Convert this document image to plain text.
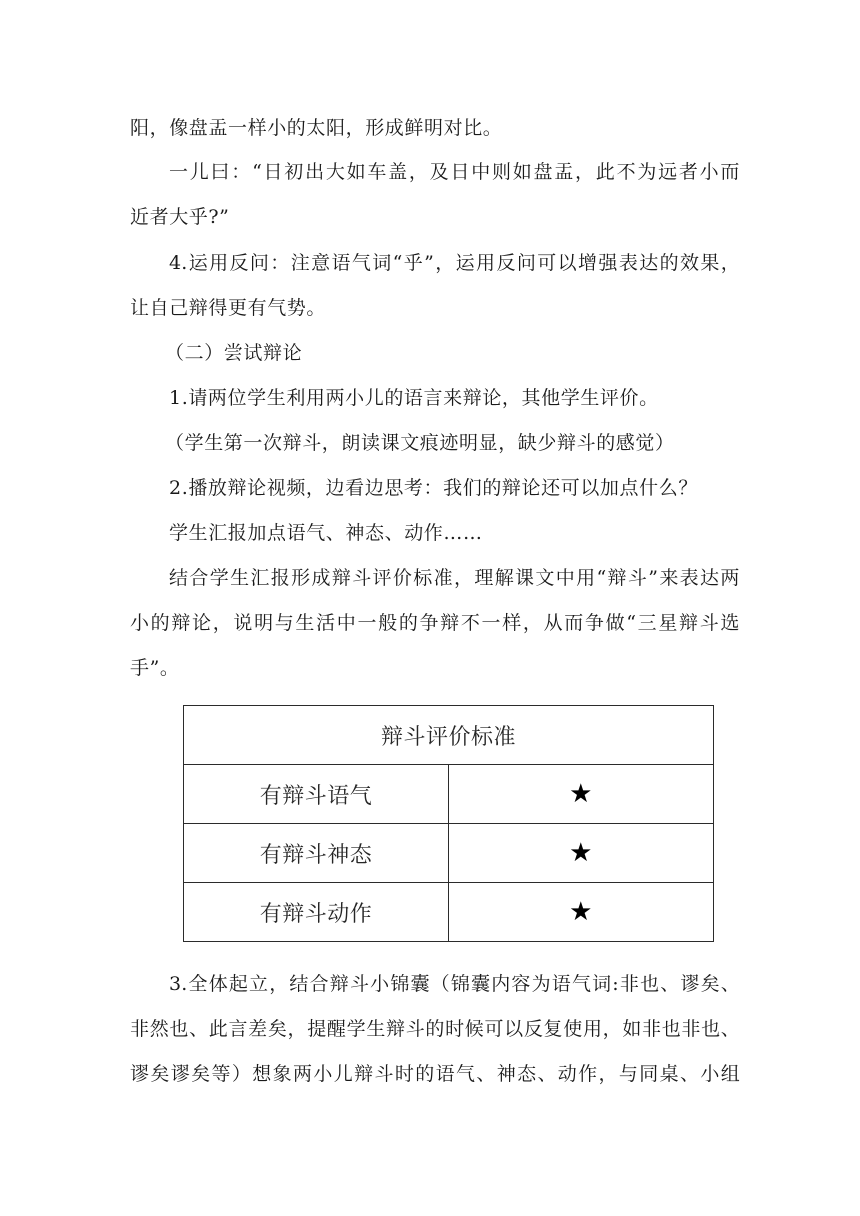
阳，像盘盂一样小的太阳，形成鲜明对比。
一儿曰：“日初出大如车盖，及日中则如盘盂，此不为远者小而
近者大乎?”
4.运用反问：注意语气词“乎”，运用反问可以增强表达的效果，
让自己辩得更有气势。
（二）尝试辩论
1.请两位学生利用两小儿的语言来辩论，其他学生评价。
（学生第一次辩斗，朗读课文痕迹明显，缺少辩斗的感觉）
2.播放辩论视频，边看边思考：我们的辩论还可以加点什么？
学生汇报加点语气、神态、动作……
结合学生汇报形成辩斗评价标准，理解课文中用“辩斗”来表达两
小的辩论，说明与生活中一般的争辩不一样，从而争做“三星辩斗选
手”。
辩斗评价标准	
有辩斗语气	★
有辩斗神态	★
有辩斗动作	★
3.全体起立，结合辩斗小锦囊（锦囊内容为语气词:非也、谬矣、
非然也、此言差矣，提醒学生辩斗的时候可以反复使用，如非也非也、
谬矣谬矣等）想象两小儿辩斗时的语气、神态、动作，与同桌、小组
